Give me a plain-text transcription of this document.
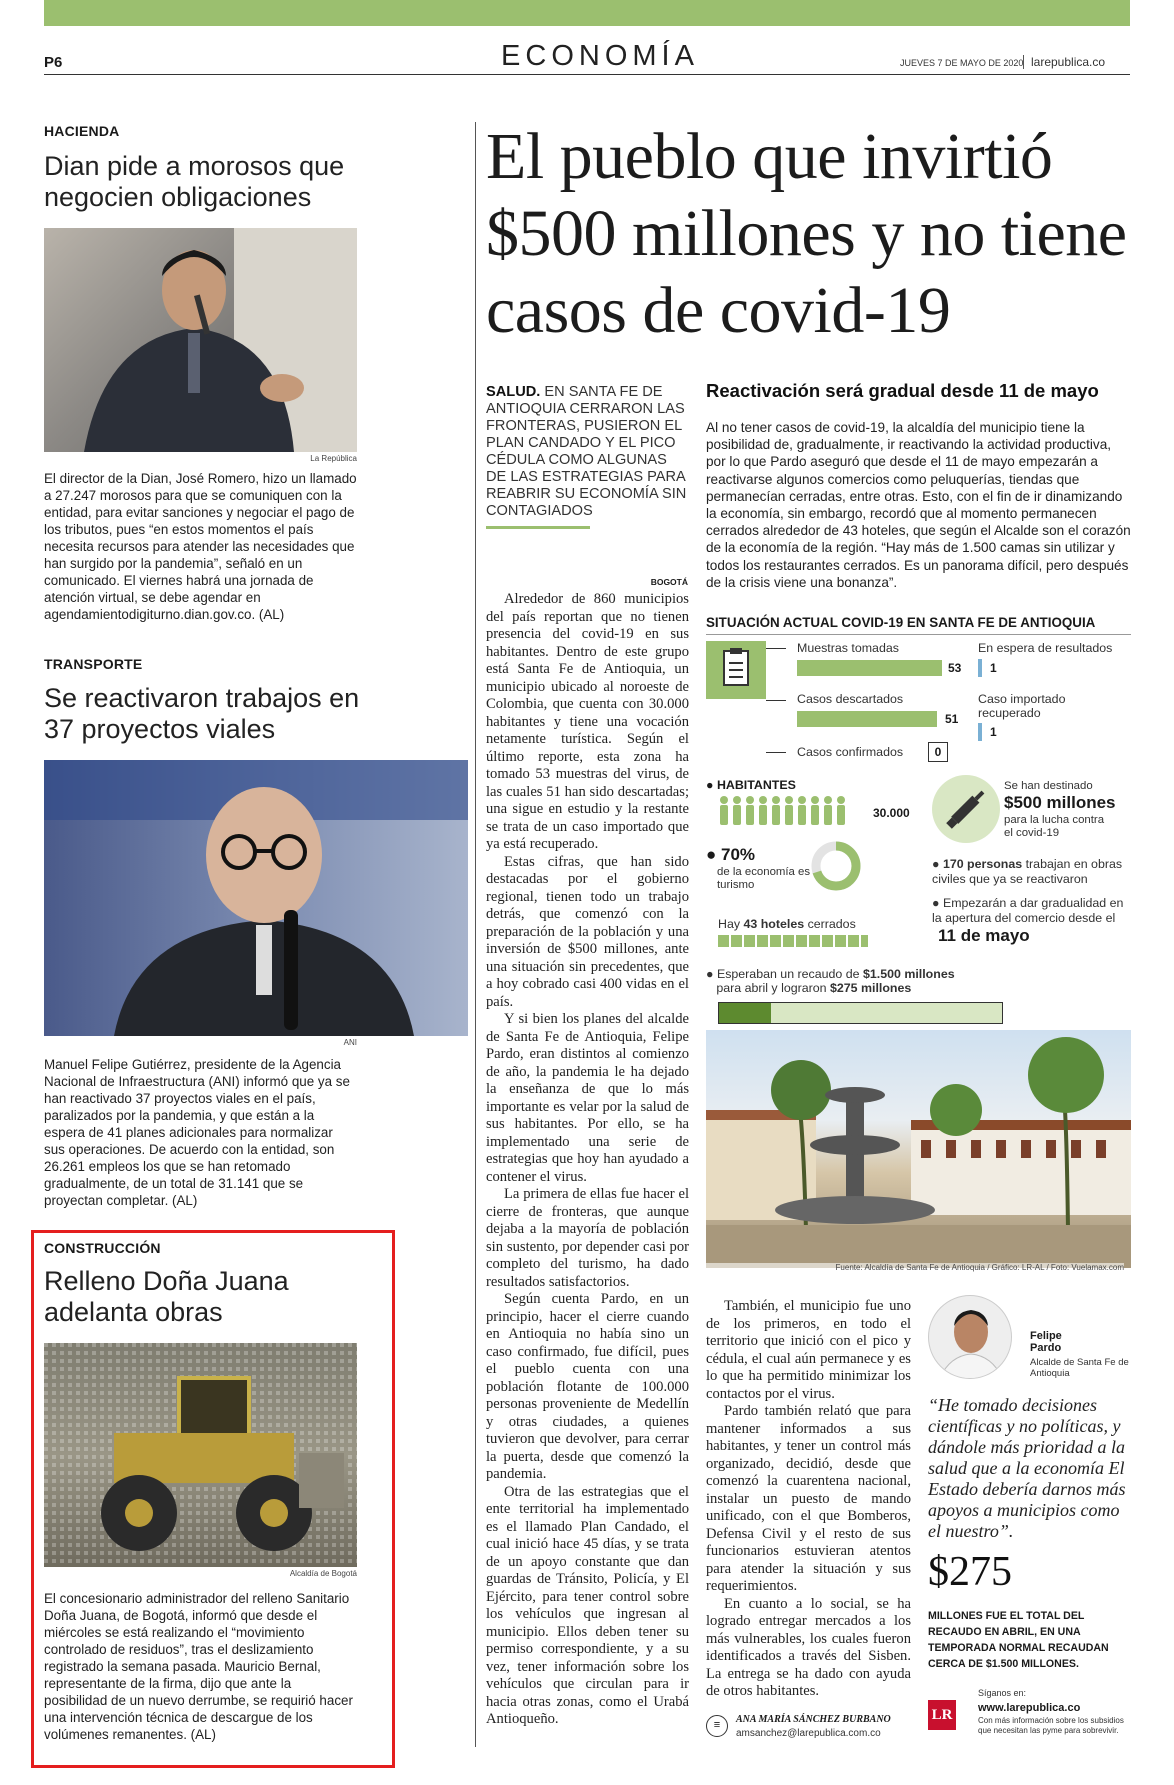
P6	ECONOMÍA	JUEVES 7 DE MAYO DE 2020 larepublica.co
HACIENDA
Dian pide a morosos que negocien obligaciones
La República
El director de la Dian, José Romero, hizo un llamado a 27.247 morosos para que se comuniquen con la entidad, para evitar sanciones y negociar el pago de los tributos, pues “en estos momentos el país necesita recursos para atender las necesidades que han surgido por la pandemia”, señaló en un comunicado. El viernes habrá una jornada de atención virtual, se debe agendar en agendamientodigiturno.dian.gov.co. (AL)
TRANSPORTE
Se reactivaron trabajos en 37 proyectos viales
ANI
Manuel Felipe Gutiérrez, presidente de la Agencia Nacional de Infraestructura (ANI) informó que ya se han reactivado 37 proyectos viales en el país, paralizados por la pandemia, y que están a la espera de 41 planes adicionales para normalizar sus operaciones. De acuerdo con la entidad, son 26.261 empleos los que se han retomado gradualmente, de un total de 31.141 que se proyectan completar. (AL)
CONSTRUCCIÓN
Relleno Doña Juana adelanta obras
Alcaldía de Bogotá
El concesionario administrador del relleno Sanitario Doña Juana, de Bogotá, informó que desde el miércoles se está realizando el “movimiento controlado de residuos”, tras el deslizamiento registrado la semana pasada. Mauricio Bernal, representante de la firma, dijo que ante la posibilidad de un nuevo derrumbe, se requirió hacer una intervención técnica de descargue de los volúmenes remanentes. (AL)
El pueblo que invirtió $500 millones y no tiene casos de covid-19
SALUD. EN SANTA FE DE ANTIOQUIA CERRARON LAS FRONTERAS, PUSIERON EL PLAN CANDADO Y EL PICO CÉDULA COMO ALGUNAS DE LAS ESTRATEGIAS PARA REABRIR SU ECONOMÍA SIN CONTAGIADOS
BOGOTÁ

Alrededor de 860 municipios del país reportan que no tienen presencia del covid-19 en sus habitantes. Dentro de este grupo está Santa Fe de Antioquia, un municipio ubicado al noroeste de Colombia, que cuenta con 30.000 habitantes y tiene una vocación netamente turística. Según el último reporte, esta zona ha tomado 53 muestras del virus, de las cuales 51 han sido descartadas; una sigue en estudio y la restante se trata de un caso importado que ya está recuperado.

Estas cifras, que han sido destacadas por el gobierno regional, tienen todo un trabajo detrás, que comenzó con la preparación de la población y una inversión de $500 millones, ante una situación sin precedentes, que a hoy cobrado casi 400 vidas en el país.

Y si bien los planes del alcalde de Santa Fe de Antioquia, Felipe Pardo, eran distintos al comienzo de año, la pandemia le ha dejado la enseñanza de que lo más importante es velar por la salud de sus habitantes. Por ello, se ha implementado una serie de estrategias que hoy han ayudado a contener el virus.

La primera de ellas fue hacer el cierre de fronteras, que aunque dejaba a la mayoría de población sin sustento, por depender casi por completo del turismo, ha dado resultados satisfactorios.

Según cuenta Pardo, en un principio, hacer el cierre cuando en Antioquia no había sino un caso confirmado, fue difícil, pues el pueblo cuenta con una población flotante de 100.000 personas proveniente de Medellín y otras ciudades, a quienes tuvieron que devolver, para cerrar la puerta, desde que comenzó la pandemia.

Otra de las estrategias que el ente territorial ha implementado es el llamado Plan Candado, el cual inició hace 45 días, y se trata de un apoyo constante que dan guardas de Tránsito, Policía, y El Ejército, para tener control sobre los vehículos que ingresan al municipio. Ellos deben tener su permiso correspondiente, y a su vez, tener información sobre los vehículos que circulan para ir hacia otras zonas, como el Urabá Antioqueño.

También, el municipio fue uno de los primeros, en todo el territorio que inició con el pico y cédula, el cual aún permanece y es lo que ha permitido minimizar los contactos por el virus.

Pardo también relató que para mantener informados a sus habitantes, y tener un control más organizado, decidió, desde que comenzó la cuarentena nacional, instalar un puesto de mando unificado, con el que Bomberos, Defensa Civil y el resto de sus funcionarios estuvieran atentos para atender la situación y sus requerimientos.

En cuanto a lo social, se ha logrado entregar mercados a los más vulnerables, los cuales fueron identificados a través del Sisben. La entrega se ha dado con ayuda de otros habitantes.

≡	ANA MARÍA SÁNCHEZ BURBANO
amsanchez@larepublica.com.co
Reactivación será gradual desde 11 de mayo
Al no tener casos de covid-19, la alcaldía del municipio tiene la posibilidad de, gradualmente, ir reactivando la actividad productiva, por lo que Pardo aseguró que desde el 11 de mayo empezarán a reactivarse algunos comercios como peluquerías, tiendas que permanecían cerradas, entre otras. Esto, con el fin de ir dinamizando la economía, sin embargo, recordó que al momento permanecen cerrados alrededor de 43 hoteles, que según el Alcalde son el corazón de la economía de la región. “Hay más de 1.500 camas sin utilizar y todos los restaurantes cerrados. Es un panorama difícil, pero después de la crisis viene una bonanza”.
SITUACIÓN ACTUAL COVID-19 EN SANTA FE DE ANTIOQUIA
Muestras tomadas
53
Casos descartados
51
Casos confirmados	0
En espera de resultados
1
Caso importado recuperado
1
● HABITANTES
30.000
Se han destinado
$500 millones
para la lucha contra el covid-19
● 70%
de la economía es turismo
● 170 personas trabajan en obras civiles que ya se reactivaron
● Empezarán a dar gradualidad en la apertura del comercio desde el
11 de mayo
Hay 43 hoteles cerrados
● Esperaban un recaudo de $1.500 millones
para abril y lograron $275 millones
Fuente: Alcaldía de Santa Fe de Antioquia / Gráfico: LR-AL / Foto: Vuelamax.com
Felipe Pardo
Alcalde de Santa Fe de Antioquia
“He tomado decisiones científicas y no políticas, y dándole más prioridad a la salud que a la economía El Estado debería darnos más apoyos a municipios como el nuestro”.
$275
MILLONES FUE EL TOTAL DEL RECAUDO EN ABRIL, EN UNA TEMPORADA NORMAL RECAUDAN CERCA DE $1.500 MILLONES.
LR
Síganos en:
www.larepublica.co
Con más información sobre los subsidios que necesitan las pyme para sobrevivir.
